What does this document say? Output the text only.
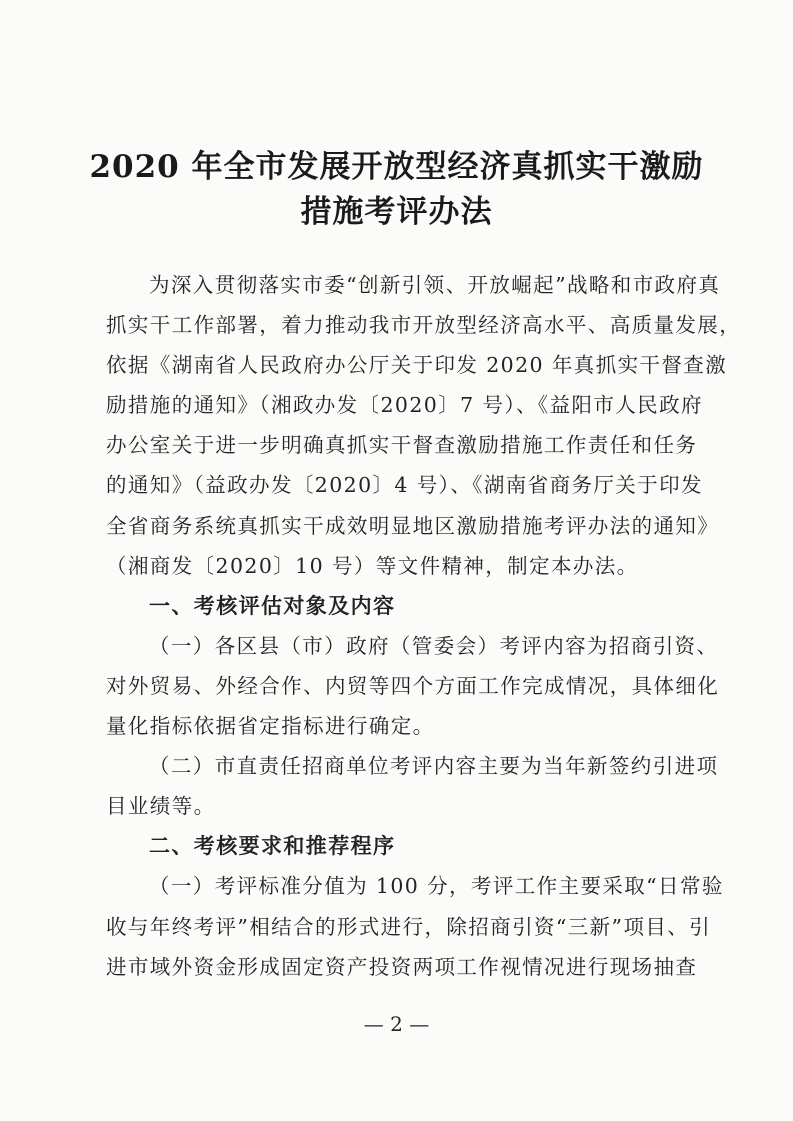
2020 年全市发展开放型经济真抓实干激励
措施考评办法
为深入贯彻落实市委“创新引领、开放崛起”战略和市政府真
抓实干工作部署，着力推动我市开放型经济高水平、高质量发展，
依据《湖南省人民政府办公厅关于印发 2020 年真抓实干督查激
励措施的通知》（湘政办发〔2020〕7 号）、《益阳市人民政府
办公室关于进一步明确真抓实干督查激励措施工作责任和任务
的通知》（益政办发〔2020〕4 号）、《湖南省商务厅关于印发
全省商务系统真抓实干成效明显地区激励措施考评办法的通知》
（湘商发〔2020〕10 号）等文件精神，制定本办法。
一、考核评估对象及内容
（一）各区县（市）政府（管委会）考评内容为招商引资、
对外贸易、外经合作、内贸等四个方面工作完成情况，具体细化
量化指标依据省定指标进行确定。
（二）市直责任招商单位考评内容主要为当年新签约引进项
目业绩等。
二、考核要求和推荐程序
（一）考评标准分值为 100 分，考评工作主要采取“日常验
收与年终考评”相结合的形式进行，除招商引资“三新”项目、引
进市域外资金形成固定资产投资两项工作视情况进行现场抽查
— 2 —
